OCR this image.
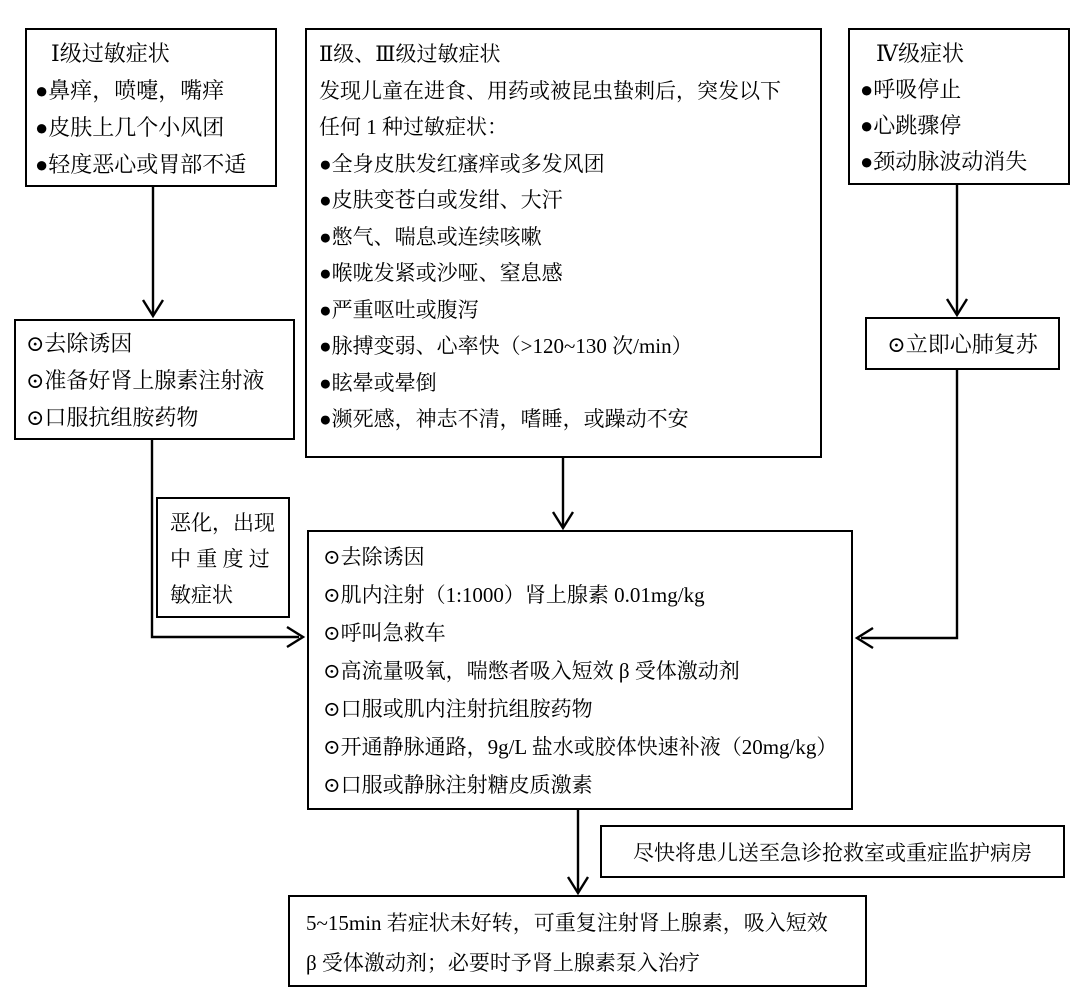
Ⅰ级过敏症状
●鼻痒，喷嚏，嘴痒
●皮肤上几个小风团
●轻度恶心或胃部不适
Ⅱ级、Ⅲ级过敏症状
发现儿童在进食、用药或被昆虫蛰刺后，突发以下
任何 1 种过敏症状：
●全身皮肤发红瘙痒或多发风团
●皮肤变苍白或发绀、大汗
●憋气、喘息或连续咳嗽
●喉咙发紧或沙哑、窒息感
●严重呕吐或腹泻
●脉搏变弱、心率快（>120~130 次/min）
●眩晕或晕倒
●濒死感，神志不清，嗜睡，或躁动不安
Ⅳ级症状
●呼吸停止
●心跳骤停
●颈动脉波动消失
⊙去除诱因
⊙准备好肾上腺素注射液
⊙口服抗组胺药物
恶化，出现
中 重 度 过
敏症状
⊙立即心肺复苏
⊙去除诱因
⊙肌内注射（1:1000）肾上腺素 0.01mg/kg
⊙呼叫急救车
⊙高流量吸氧，喘憋者吸入短效 β 受体激动剂
⊙口服或肌内注射抗组胺药物
⊙开通静脉通路，9g/L 盐水或胶体快速补液（20mg/kg）
⊙口服或静脉注射糖皮质激素
尽快将患儿送至急诊抢救室或重症监护病房
5~15min 若症状未好转，可重复注射肾上腺素，吸入短效
β 受体激动剂；必要时予肾上腺素泵入治疗
